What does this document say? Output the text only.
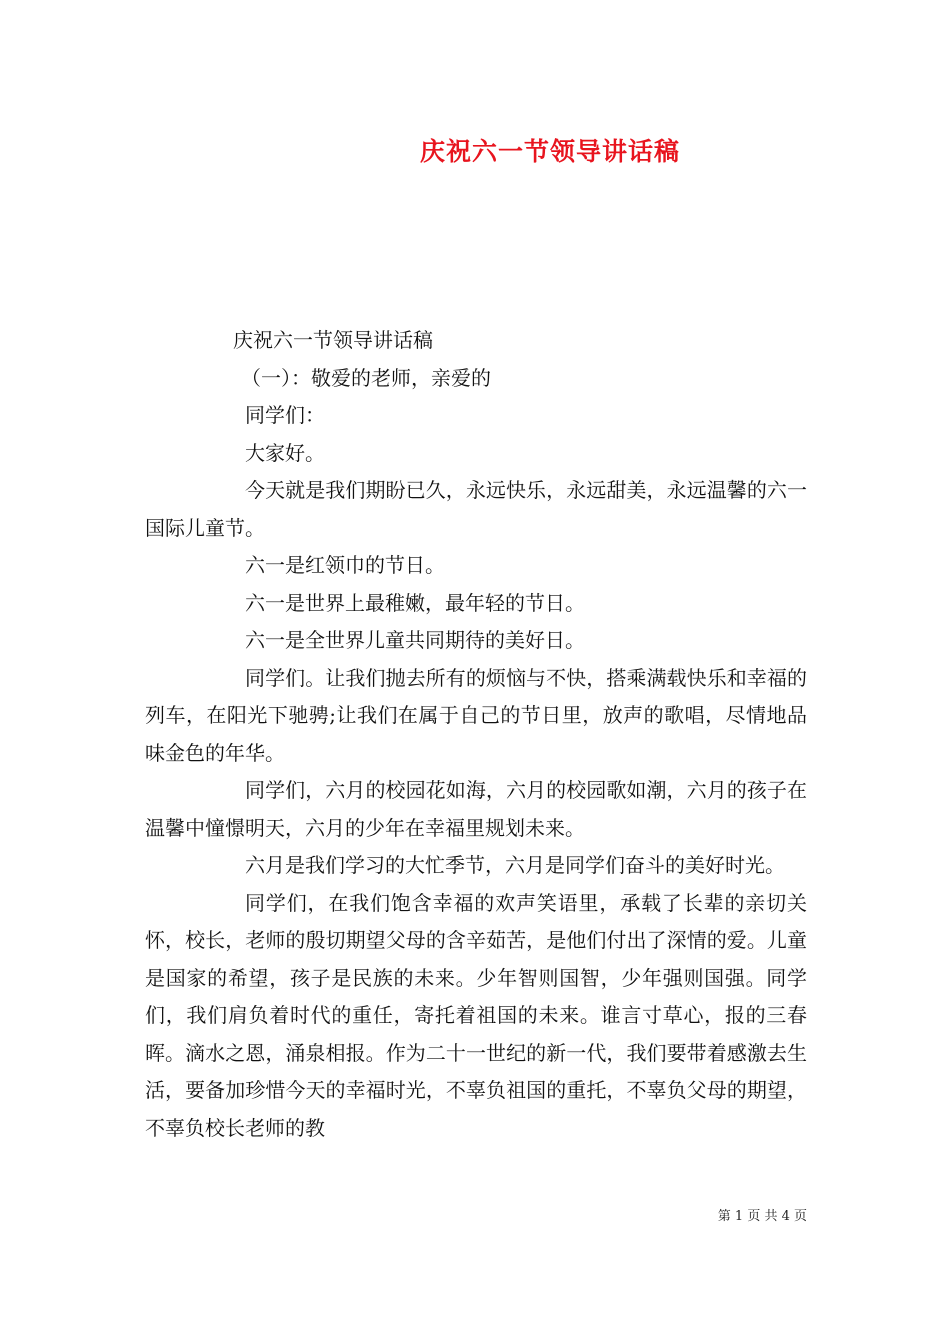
庆祝六一节领导讲话稿

庆祝六一节领导讲话稿

（一）：敬爱的老师，亲爱的

同学们：

大家好。

今天就是我们期盼已久，永远快乐，永远甜美，永远温馨的六一国际儿童节。

六一是红领巾的节日。

六一是世界上最稚嫩，最年轻的节日。

六一是全世界儿童共同期待的美好日。

同学们。让我们抛去所有的烦恼与不快，搭乘满载快乐和幸福的列车，在阳光下驰骋;让我们在属于自己的节日里，放声的歌唱，尽情地品味金色的年华。

同学们，六月的校园花如海，六月的校园歌如潮，六月的孩子在温馨中憧憬明天，六月的少年在幸福里规划未来。

六月是我们学习的大忙季节，六月是同学们奋斗的美好时光。

同学们，在我们饱含幸福的欢声笑语里，承载了长辈的亲切关怀，校长，老师的殷切期望父母的含辛茹苦，是他们付出了深情的爱。儿童是国家的希望，孩子是民族的未来。少年智则国智，少年强则国强。同学们，我们肩负着时代的重任，寄托着祖国的未来。谁言寸草心，报的三春晖。滴水之恩，涌泉相报。作为二十一世纪的新一代，我们要带着感激去生活，要备加珍惜今天的幸福时光，不辜负祖国的重托，不辜负父母的期望，不辜负校长老师的教

第 1 页 共 4 页
